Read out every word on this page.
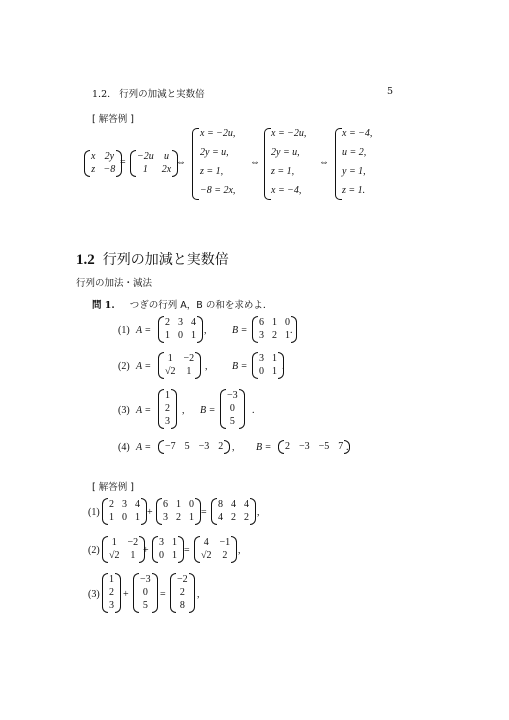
1.2. 行列の加減と実数倍	5
[ 解答例 ]
x 2y
z −8
=
−2u u
1	2x
⇔
x = −2u,
2y = u,
z = 1,
−8 = 2x,
⇔
x = −2u,
2y = u,
z = 1,
x = −4,
⇔
x = −4,
u = 2,
y = 1,
z = 1.
1.2 行列の加減と実数倍
行列の加法・減法
問 1. つぎの行列 A，B の和を求めよ．
(1) A =
2 3 4
1 0 1 ,	B =
6 1 0
3 2 1 .
(2) A =
1 −2
√2 1 , B =
3 1
0 1 .
(3) A =
1
2
3
, B =
−3
0
5
.
(4) A = −7 5 −3 2 , B = 2 −3 −5 7 .
[ 解答例 ]
(1)
2 3 4
1 0 1 +
6 1 0
3 2 1 =
8 4 4
4 2 2 ,
(2)
1 −2
√2 1 +
3 1
0 1 =
4 −1
√2 2 ,
(3)
1
2
3
+
−3
0
5
=
−2
2
8
,
